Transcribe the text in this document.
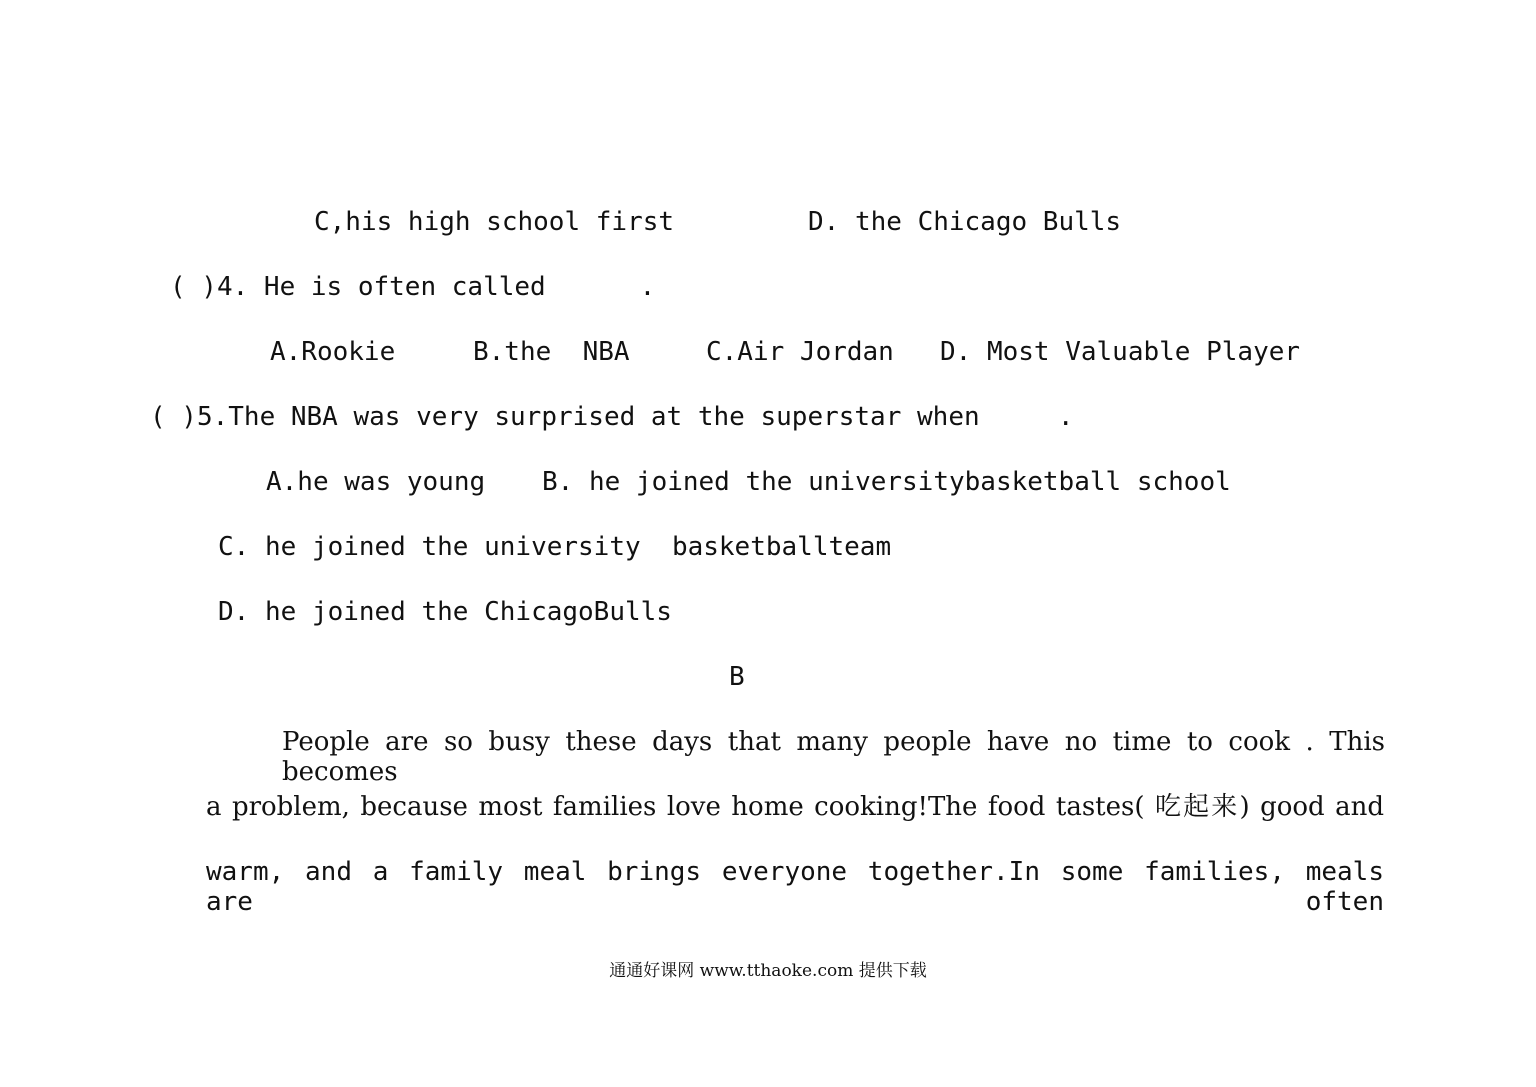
C,his high school first	D. the Chicago Bulls
( )4. He is often called      .
A.Rookie	B.the  NBA	C.Air Jordan D. Most Valuable Player
( )5.The NBA was very surprised at the superstar when     .
A.he was young B. he joined the universitybasketball school
C. he joined the university  basketballteam
D. he joined the ChicagoBulls
B
People are so busy these days that many people have no time to cook . This becomes
a problem, because most families love home cooking!The food tastes( 吃起来) good and
warm, and a family meal brings everyone together.In some families, meals are often
通通好课网 www.tthaoke.com 提供下载
